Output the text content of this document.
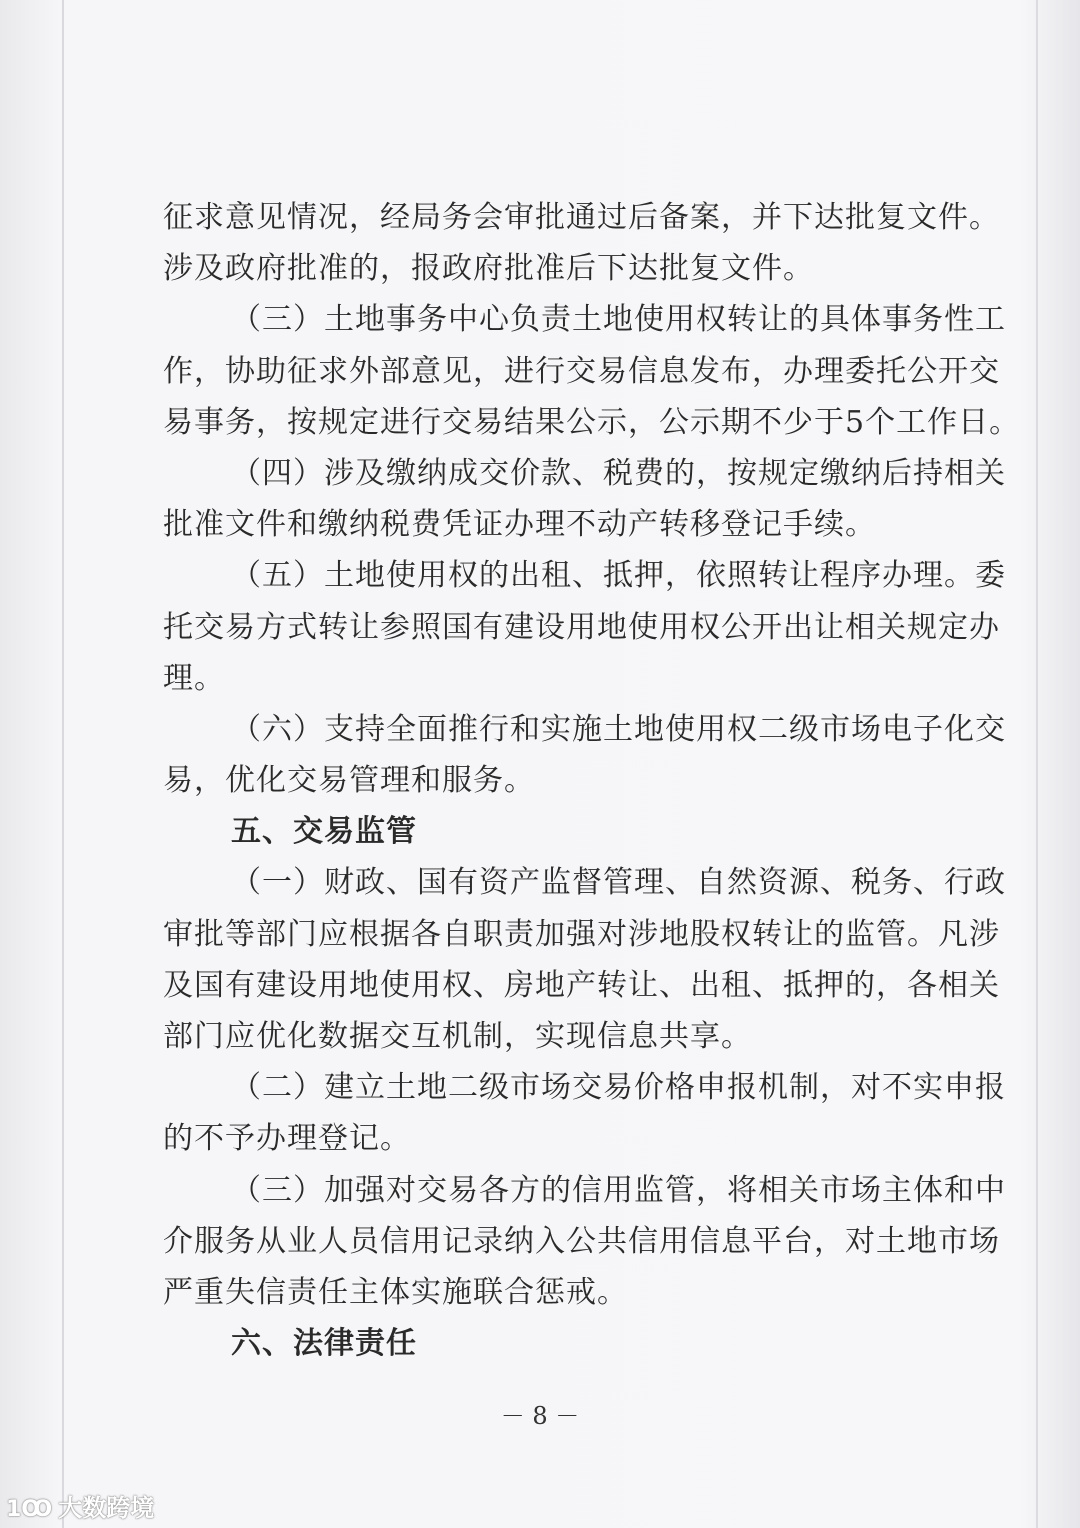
征求意见情况，经局务会审批通过后备案，并下达批复文件。
涉及政府批准的，报政府批准后下达批复文件。
（三）土地事务中心负责土地使用权转让的具体事务性工
作，协助征求外部意见，进行交易信息发布，办理委托公开交
易事务，按规定进行交易结果公示，公示期不少于5个工作日。
（四）涉及缴纳成交价款、税费的，按规定缴纳后持相关
批准文件和缴纳税费凭证办理不动产转移登记手续。
（五）土地使用权的出租、抵押，依照转让程序办理。委
托交易方式转让参照国有建设用地使用权公开出让相关规定办
理。
（六）支持全面推行和实施土地使用权二级市场电子化交
易，优化交易管理和服务。
五、交易监管
（一）财政、国有资产监督管理、自然资源、税务、行政
审批等部门应根据各自职责加强对涉地股权转让的监管。凡涉
及国有建设用地使用权、房地产转让、出租、抵押的，各相关
部门应优化数据交互机制，实现信息共享。
（二）建立土地二级市场交易价格申报机制，对不实申报
的不予办理登记。
（三）加强对交易各方的信用监管，将相关市场主体和中
介服务从业人员信用记录纳入公共信用信息平台，对土地市场
严重失信责任主体实施联合惩戒。
六、法律责任
－ 8 －
1Ꝏ 大数跨境
